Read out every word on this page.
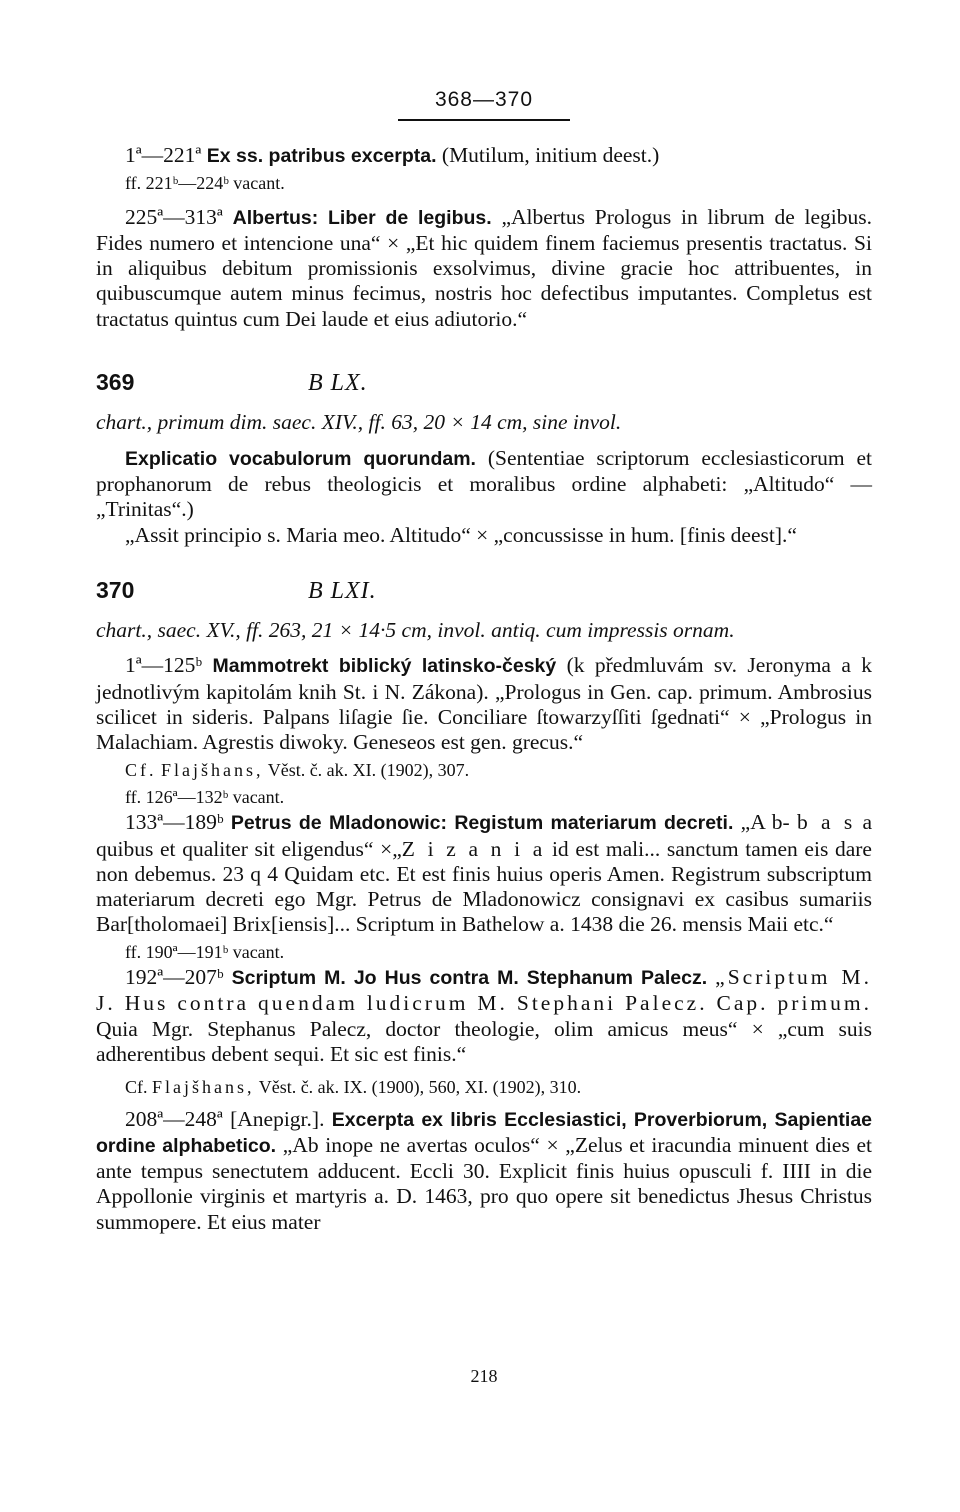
368—370

1ª—221ª Ex ss. patribus excerpta. (Mutilum, initium deest.)

ff. 221ᵇ—224ᵇ vacant.

225ª—313ª Albertus: Liber de legibus. „Albertus Prologus in librum de legibus. Fides numero et intencione una“ × „Et hic quidem finem faciemus presentis tractatus. Si in aliquibus debitum promissionis exsolvimus, divine gracie hoc attribuentes, in quibuscumque autem minus fecimus, nostris hoc defectibus imputantes. Completus est tractatus quintus cum Dei laude et eius adiutorio.“

369	B LX.

chart., primum dim. saec. XIV., ff. 63, 20 × 14 cm, sine invol.

Explicatio vocabulorum quorundam. (Sententiae scriptorum ecclesiasticorum et prophanorum de rebus theologicis et moralibus ordine alphabeti: „Altitudo“ — „Trinitas“.)

„Assit principio s. Maria meo. Altitudo“ × „concussisse in hum. [finis deest].“

370	B LXI.

chart., saec. XV., ff. 263, 21 × 14·5 cm, invol. antiq. cum impressis ornam.

1ª—125ᵇ Mammotrekt biblický latinsko-český (k předmluvám sv. Jeronyma a k jednotlivým kapitolám knih St. i N. Zákona). „Prologus in Gen. cap. primum. Ambrosius scilicet in sideris. Palpans liſagie ſie. Conciliare ſtowarzyſſiti ſgednati“ × „Prologus in Malachiam. Agrestis diwoky. Geneseos est gen. grecus.“

Cf. Flajšhans, Věst. č. ak. XI. (1902), 307.

ff. 126ª—132ᵇ vacant.

133ª—189ᵇ Petrus de Mladonowic: Registum materiarum decreti. „A b- b a s a quibus et qualiter sit eligendus“ ×„Z i z a n i a id est mali... sanctum tamen eis dare non debemus. 23 q 4 Quidam etc. Et est finis huius operis Amen. Registrum subscriptum materiarum decreti ego Mgr. Petrus de Mladonowicz consignavi ex casibus sumariis Bar[tholomaei] Brix[iensis]... Scriptum in Bathelow a. 1438 die 26. mensis Maii etc.“

ff. 190ª—191ᵇ vacant.

192ª—207ᵇ Scriptum M. Jo Hus contra M. Stephanum Palecz. „Scriptum M. J. Hus contra quendam ludicrum M. Stephani Palecz. Cap. primum. Quia Mgr. Stephanus Palecz, doctor theologie, olim amicus meus“ × „cum suis adherentibus debent sequi. Et sic est finis.“

Cf. Flajšhans, Věst. č. ak. IX. (1900), 560, XI. (1902), 310.

208ª—248ª [Anepigr.]. Excerpta ex libris Ecclesiastici, Proverbiorum, Sapientiae ordine alphabetico. „Ab inope ne avertas oculos“ × „Zelus et iracundia minuent dies et ante tempus senectutem adducent. Eccli 30. Explicit finis huius opusculi f. IIII in die Appollonie virginis et martyris a. D. 1463, pro quo opere sit benedictus Jhesus Christus summopere. Et eius mater

218
